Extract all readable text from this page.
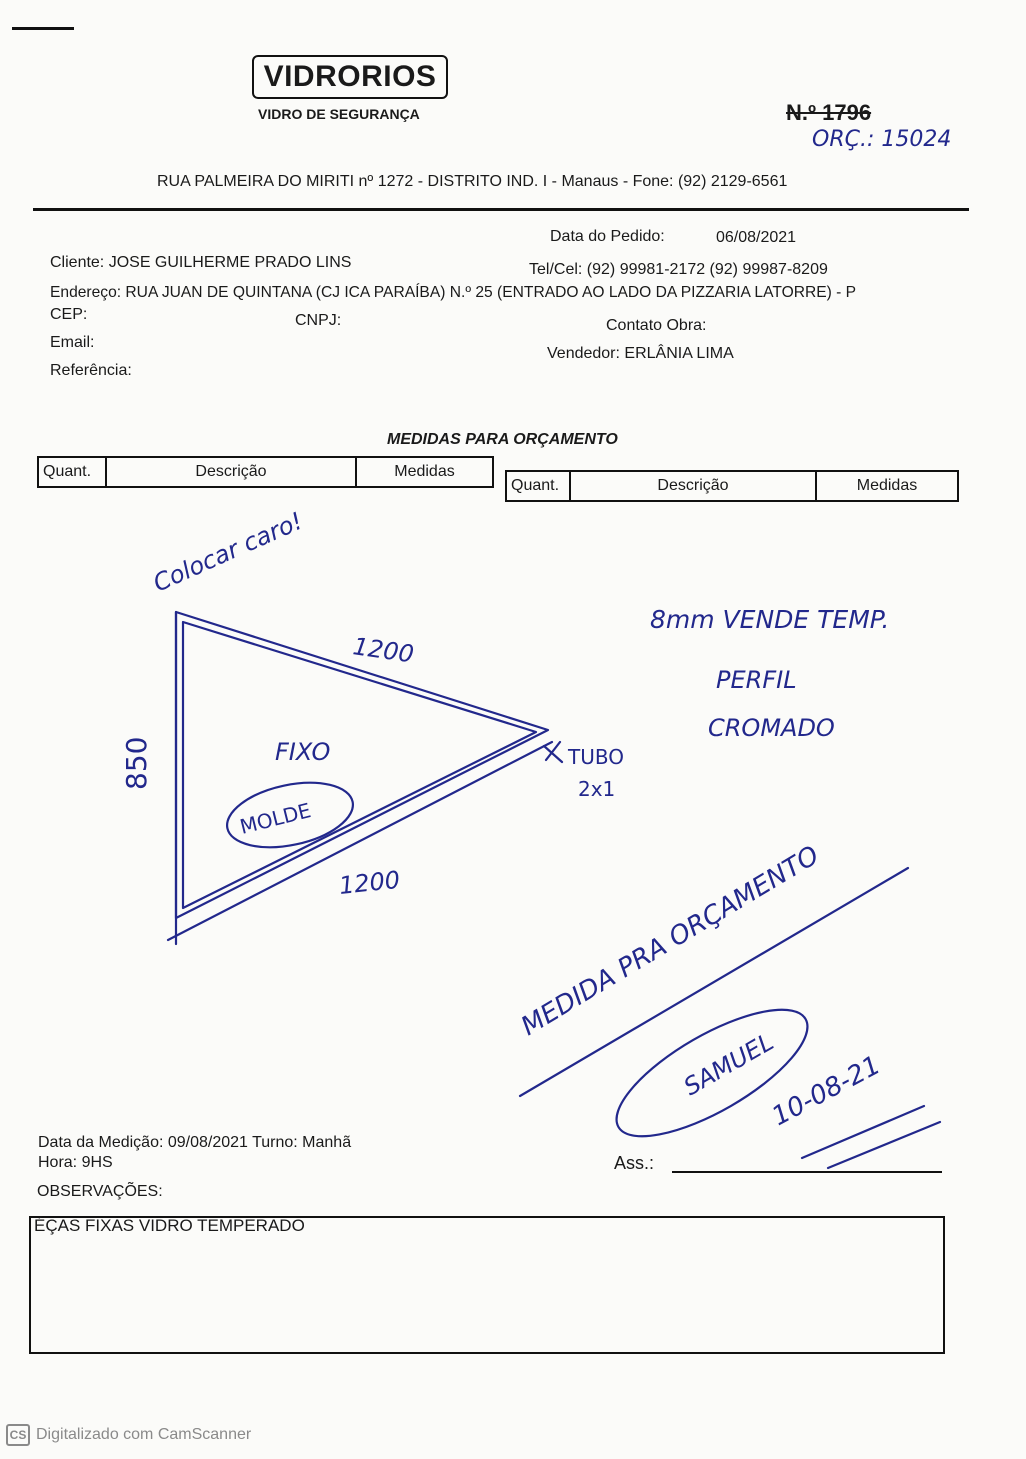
VIDRORIOS
VIDRO DE SEGURANÇA	N.º 1796
ORÇ.: 15024
RUA PALMEIRA DO MIRITI nº 1272 - DISTRITO IND. I - Manaus - Fone: (92) 2129-6561
Data do Pedido:	06/08/2021
Cliente: JOSE GUILHERME PRADO LINS	Tel/Cel: (92) 99981-2172 (92) 99987-8209
Endereço: RUA JUAN DE QUINTANA (CJ ICA PARAÍBA) N.º 25 (ENTRADO AO LADO DA PIZZARIA LATORRE) - P
CEP:	CNPJ:	Contato Obra:
Email:
Vendedor: ERLÂNIA LIMA
Referência:
MEDIDAS PARA ORÇAMENTO
Quant.	Descrição	Medidas
Quant.	Descrição	Medidas
Colocar caro!
1200
850	FIXO
MOLDE
1200
TUBO
2x1
8mm VENDE TEMP.
PERFIL
CROMADO
MEDIDA PRA ORÇAMENTO
SAMUEL
10-08-21
Data da Medição: 09/08/2021 Turno: Manhã
Hora: 9HS	Ass.:
OBSERVAÇÕES:
ÉÇAS FIXAS VIDRO TEMPERADO
CS Digitalizado com CamScanner
